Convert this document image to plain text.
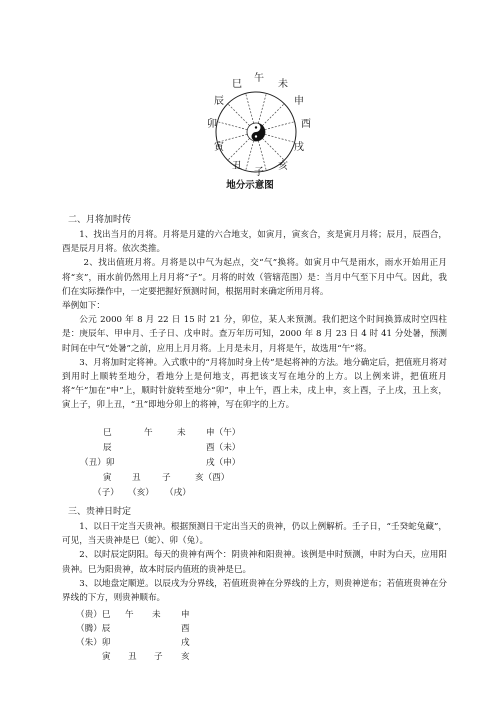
午
未
申
酉
戌
亥
子
丑
寅
卯
辰
巳
地分示意图
二、月将加时传

1、找出当月的月将。月将是月建的六合地支，如寅月，寅亥合，亥是寅月月将；辰月，辰酉合，酉是辰月月将。依次类推。

2、找出值班月将。月将是以中气为起点，交“气”换将。如寅月中气是雨水，雨水开始用正月将“亥”，雨水前仍然用上月月将“子”。月将的时效（管辖范围）是：当月中气至下月中气。因此，我们在实际操作中，一定要把握好预测时间，根据用时来确定所用月将。

举例如下：

公元 2000 年 8 月 22 日 15 时 21 分，卯位，某人来预测。我们把这个时间换算成时空四柱是：庚辰年、甲申月、壬子日、戊申时。查万年历可知，2000 年 8 月 23 日 4 时 41 分处暑，预测时间在中气“处暑”之前，应用上月月将。上月是未月，月将是午，故选用“午”将。

3、月将加时定将神。入式歌中的“月将加时身上传”是起将神的方法。地分确定后，把值班月将对到用时上顺转至地分，看地分上是何地支，再把该支写在地分的上方。以上例来讲，把值班月将“午”加在“申”上，顺时针旋转至地分“卯”，申上午，酉上未，戌上申，亥上酉，子上戌，丑上亥，寅上子，卯上丑，“丑”即地分卯上的将神，写在卯字的上方。

巳	午	未 申（午）
辰	酉（未）
（丑）卯	戌（申）
寅 丑 子	亥（酉）
（子） （亥） （戌）
三、贵神日时定

1、以日干定当天贵神。根据预测日干定出当天的贵神，仍以上例解析。壬子日，“壬癸蛇兔藏”，可见，当天贵神是巳（蛇）、卯（兔）。

2、以时辰定阴阳。每天的贵神有两个：阴贵神和阳贵神。该例是申时预测，申时为白天，应用阳贵神。巳为阳贵神，故本时辰内值班的贵神是巳。

3、以地盘定顺逆。以辰戌为分界线，若值班贵神在分界线的上方，则贵神逆布；若值班贵神在分界线的下方，则贵神顺布。

（贵）巳 午 未 申
（腾）辰	酉
（朱）卯	戌
寅 丑 子 亥
